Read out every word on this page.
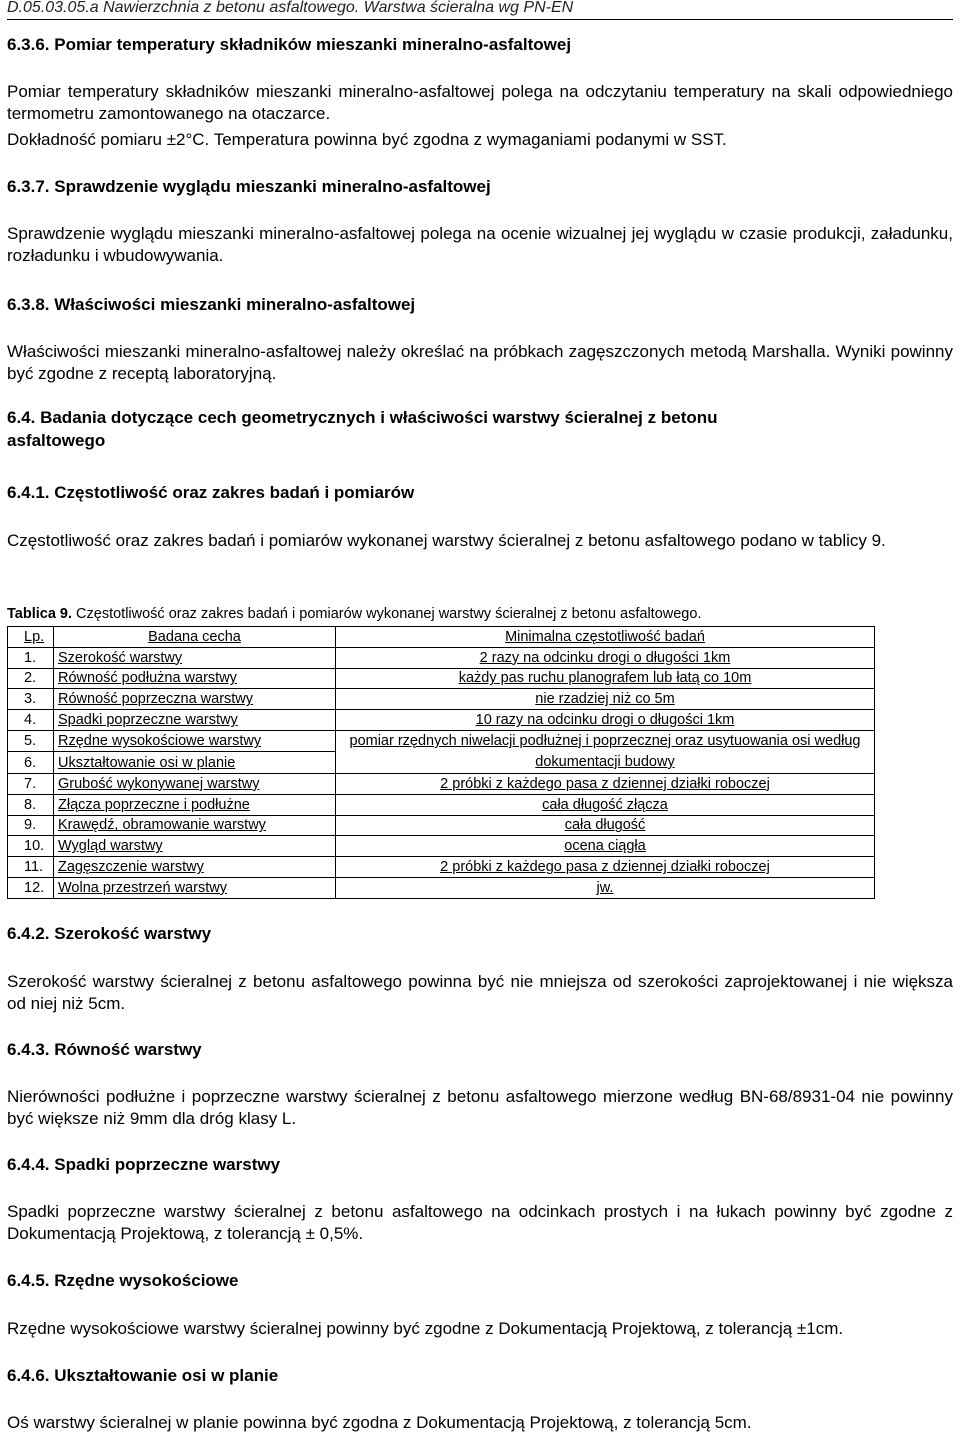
D.05.03.05.a Nawierzchnia z betonu asfaltowego. Warstwa ścieralna wg PN-EN
6.3.6. Pomiar temperatury składników mieszanki mineralno-asfaltowej

Pomiar temperatury składników mieszanki mineralno-asfaltowej polega na odczytaniu temperatury na skali odpowiedniego termometru zamontowanego na otaczarce.

Dokładność pomiaru ±2°C. Temperatura powinna być zgodna z wymaganiami podanymi w SST.

6.3.7. Sprawdzenie wyglądu mieszanki mineralno-asfaltowej

Sprawdzenie wyglądu mieszanki mineralno-asfaltowej polega na ocenie wizualnej jej wyglądu w czasie produkcji, załadunku, rozładunku i wbudowywania.

6.3.8. Właściwości mieszanki mineralno-asfaltowej

Właściwości mieszanki mineralno-asfaltowej należy określać na próbkach zagęszczonych metodą Marshalla. Wyniki powinny być zgodne z receptą laboratoryjną.

6.4. Badania dotyczące cech geometrycznych i właściwości warstwy ścieralnej z betonu asfaltowego
6.4.1. Częstotliwość oraz zakres badań i pomiarów

Częstotliwość oraz zakres badań i pomiarów wykonanej warstwy ścieralnej z betonu asfaltowego podano w tablicy 9.

Tablica 9. Częstotliwość oraz zakres badań i pomiarów wykonanej warstwy ścieralnej z betonu asfaltowego.
Lp.	Badana cecha	Minimalna częstotliwość badań
1.	Szerokość warstwy	2 razy na odcinku drogi o długości 1km
2.	Równość podłużna warstwy	każdy pas ruchu planografem lub łatą co 10m
3.	Równość poprzeczna warstwy	nie rzadziej niż co 5m
4.	Spadki poprzeczne warstwy	10 razy na odcinku drogi o długości 1km
5.	Rzędne wysokościowe warstwy	pomiar rzędnych niwelacji podłużnej i poprzecznej oraz usytuowania osi według dokumentacji budowy
6.	Ukształtowanie osi w planie	
7.	Grubość wykonywanej warstwy	2 próbki z każdego pasa z dziennej działki roboczej
8.	Złącza poprzeczne i podłużne	cała długość złącza
9.	Krawędź, obramowanie warstwy	cała długość
10.	Wygląd warstwy	ocena ciągła
11.	Zagęszczenie warstwy	2 próbki z każdego pasa z dziennej działki roboczej
12.	Wolna przestrzeń warstwy	jw.
6.4.2. Szerokość warstwy

Szerokość warstwy ścieralnej z betonu asfaltowego powinna być nie mniejsza od szerokości zaprojektowanej i nie większa od niej niż 5cm.

6.4.3. Równość warstwy

Nierówności podłużne i poprzeczne warstwy ścieralnej z betonu asfaltowego mierzone według BN-68/8931-04 nie powinny być większe niż 9mm dla dróg klasy L.

6.4.4. Spadki poprzeczne warstwy

Spadki poprzeczne warstwy ścieralnej z betonu asfaltowego na odcinkach prostych i na łukach powinny być zgodne z Dokumentacją Projektową, z tolerancją ± 0,5%.

6.4.5. Rzędne wysokościowe

Rzędne wysokościowe warstwy ścieralnej powinny być zgodne z Dokumentacją Projektową, z tolerancją ±1cm.

6.4.6. Ukształtowanie osi w planie

Oś warstwy ścieralnej w planie powinna być zgodna z Dokumentacją Projektową, z tolerancją 5cm.
